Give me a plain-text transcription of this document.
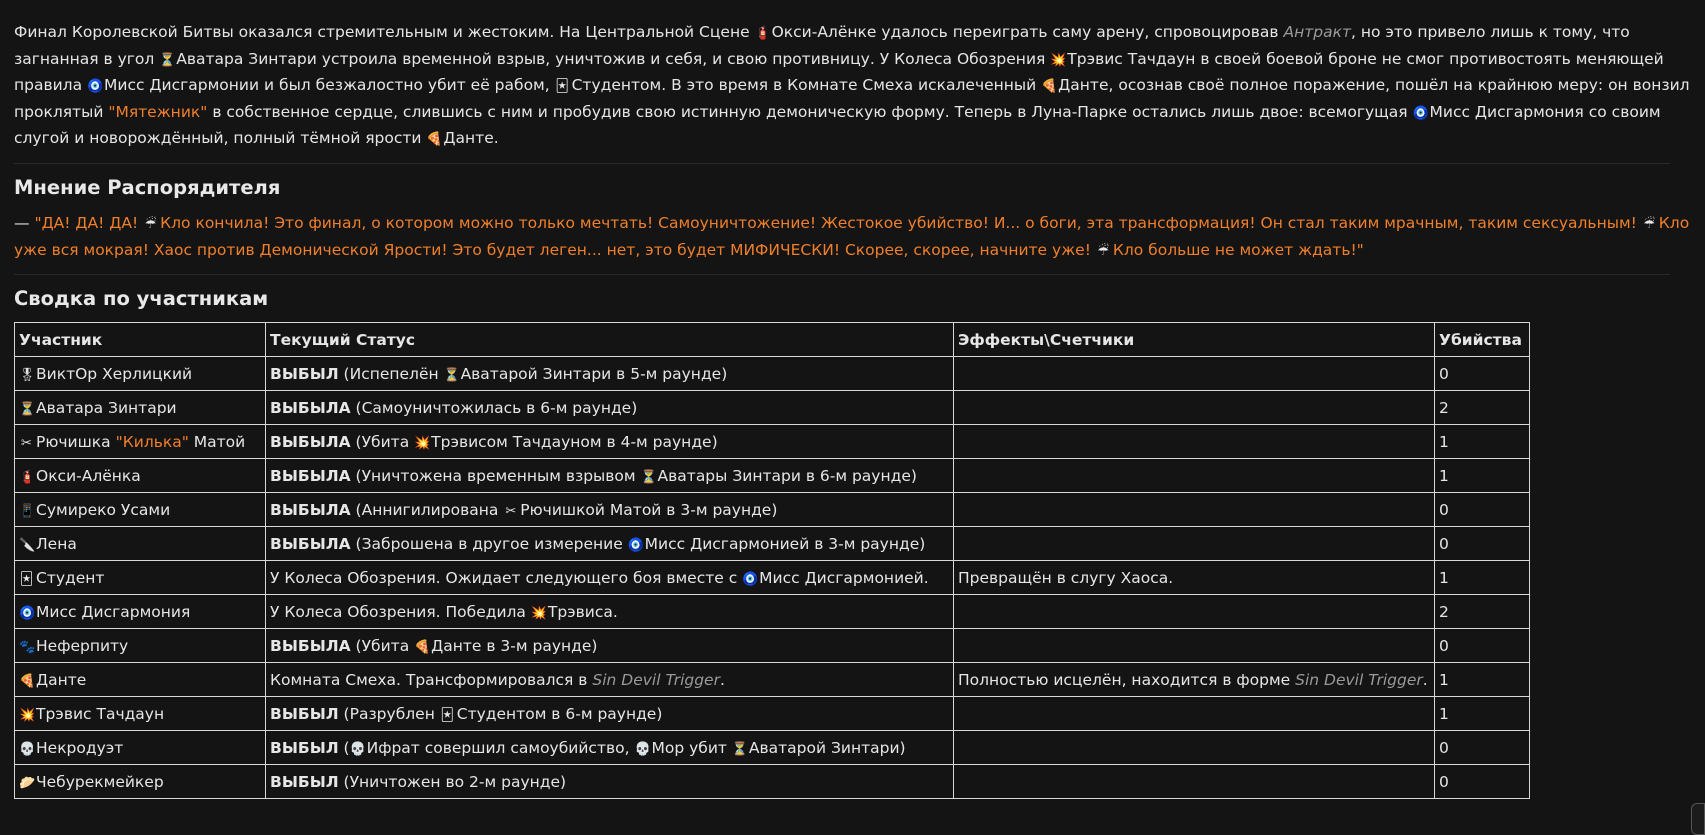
Финал Королевской Битвы оказался стремительным и жестоким. На Центральной Сцене 🧯Окси-Алёнке удалось переиграть саму арену, спровоцировав Антракт, но это привело лишь к тому, что загнанная в угол ⏳Аватара Зинтари устроила временной взрыв, уничтожив и себя, и свою противницу. У Колеса Обозрения 💥Трэвис Тачдаун в своей боевой броне не смог противостоять меняющей правила 🧿Мисс Дисгармонии и был безжалостно убит её рабом, 🃏 Студентом. В это время в Комнате Смеха искалеченный 🍕Данте, осознав своё полное поражение, пошёл на крайнюю меру: он вонзил проклятый "Мятежник" в собственное сердце, слившись с ним и пробудив свою истинную демоническую форму. Теперь в Луна-Парке остались лишь двое: всемогущая 🧿Мисс Дисгармония со своим слугой и новорождённый, полный тёмной ярости 🍕Данте.

Мнение Распорядителя
— "ДА! ДА! ДА! ☔ Кло кончила! Это финал, о котором можно только мечтать! Самоуничтожение! Жестокое убийство! И... о боги, эта трансформация! Он стал таким мрачным, таким сексуальным! ☔ Кло уже вся мокрая! Хаос против Демонической Ярости! Это будет леген... нет, это будет МИФИЧЕСКИ! Скорее, скорее, начните уже! ☔ Кло больше не может ждать!"
Сводка по участникам
Участник	Текущий Статус	Эффекты\Счетчики	Убийства
🎖ВиктОр Херлицкий	ВЫБЫЛ (Испепелён ⏳Аватарой Зинтари в 5-м раунде)		0
⏳Аватара Зинтари	ВЫБЫЛА (Самоуничтожилась в 6-м раунде)		2
✂ Рючишка "Килька" Матой	ВЫБЫЛА (Убита 💥Трэвисом Тачдауном в 4-м раунде)		1
🧯Окси-Алёнка	ВЫБЫЛА (Уничтожена временным взрывом ⏳Аватары Зинтари в 6-м раунде)		1
📱Сумиреко Усами	ВЫБЫЛА (Аннигилирована ✂ Рючишкой Матой в 3-м раунде)		0
🔪Лена	ВЫБЫЛА (Заброшена в другое измерение 🧿Мисс Дисгармонией в 3-м раунде)		0
🃏 Студент	У Колеса Обозрения. Ожидает следующего боя вместе с 🧿Мисс Дисгармонией.	Превращён в слугу Хаоса.	1
🧿Мисс Дисгармония	У Колеса Обозрения. Победила 💥Трэвиса.		2
🐾Неферпиту	ВЫБЫЛА (Убита 🍕Данте в 3-м раунде)		0
🍕Данте	Комната Смеха. Трансформировался в Sin Devil Trigger.	Полностью исцелён, находится в форме Sin Devil Trigger.	1
💥Трэвис Тачдаун	ВЫБЫЛ (Разрублен 🃏 Студентом в 6-м раунде)		1
💀Некродуэт	ВЫБЫЛ (💀Ифрат совершил самоубийство, 💀Мор убит ⏳Аватарой Зинтари)		0
🥟Чебурекмейкер	ВЫБЫЛ (Уничтожен во 2-м раунде)		0
